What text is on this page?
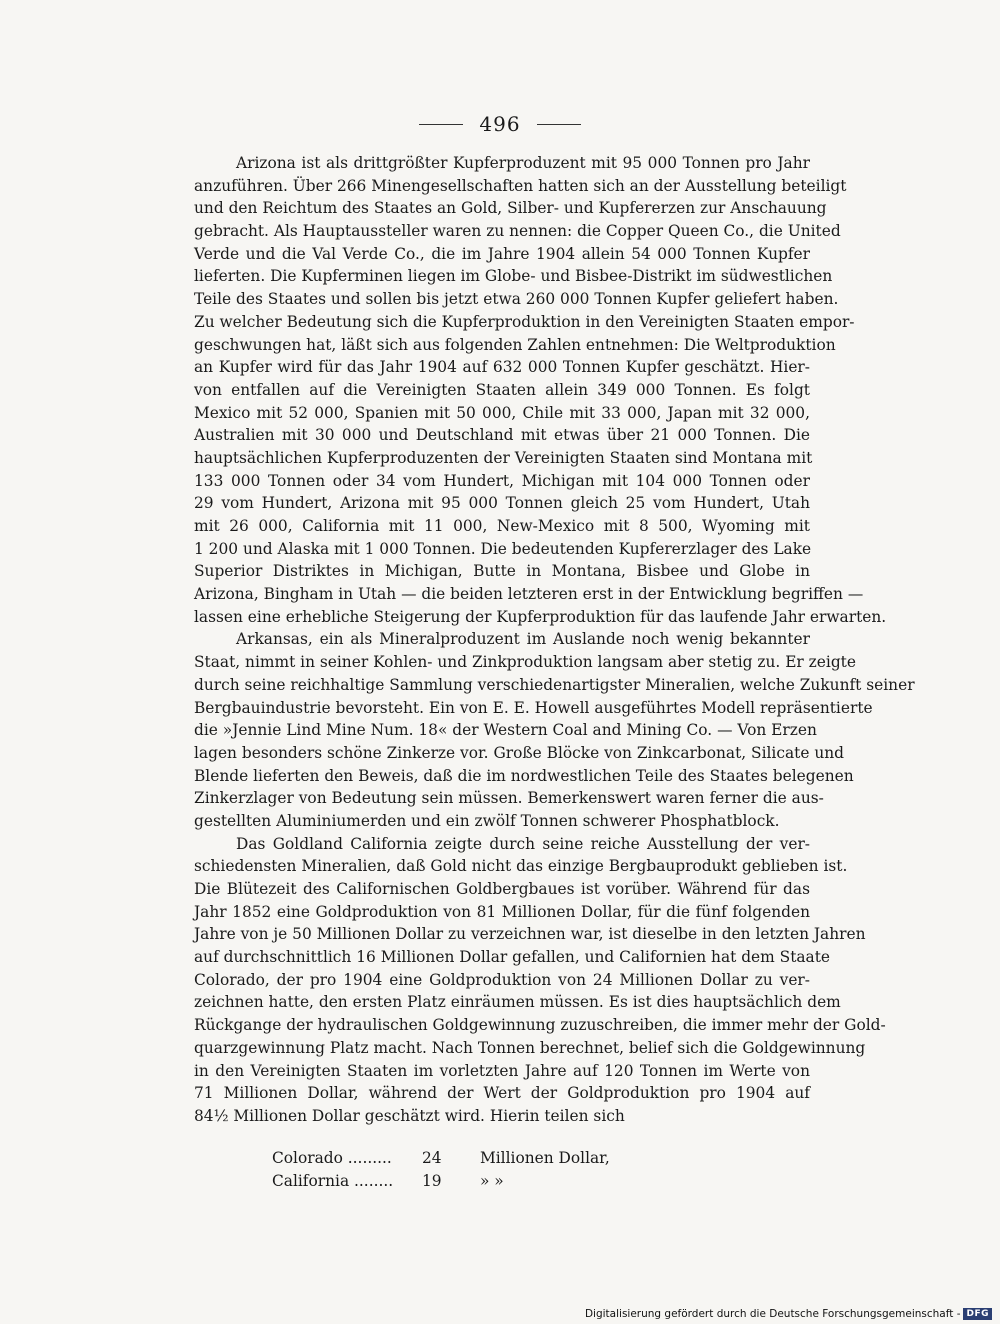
496
Arizona ist als drittgrößter Kupferproduzent mit 95 000 Tonnen pro Jahr
anzuführen. Über 266 Minengesellschaften hatten sich an der Ausstellung beteiligt
und den Reichtum des Staates an Gold, Silber- und Kupfererzen zur Anschauung
gebracht. Als Hauptaussteller waren zu nennen: die Copper Queen Co., die United
Verde und die Val Verde Co., die im Jahre 1904 allein 54 000 Tonnen Kupfer
lieferten. Die Kupferminen liegen im Globe- und Bisbee-Distrikt im südwestlichen
Teile des Staates und sollen bis jetzt etwa 260 000 Tonnen Kupfer geliefert haben.
Zu welcher Bedeutung sich die Kupferproduktion in den Vereinigten Staaten empor-
geschwungen hat, läßt sich aus folgenden Zahlen entnehmen: Die Weltproduktion
an Kupfer wird für das Jahr 1904 auf 632 000 Tonnen Kupfer geschätzt. Hier-
von entfallen auf die Vereinigten Staaten allein 349 000 Tonnen. Es folgt
Mexico mit 52 000, Spanien mit 50 000, Chile mit 33 000, Japan mit 32 000,
Australien mit 30 000 und Deutschland mit etwas über 21 000 Tonnen. Die
hauptsächlichen Kupferproduzenten der Vereinigten Staaten sind Montana mit
133 000 Tonnen oder 34 vom Hundert, Michigan mit 104 000 Tonnen oder
29 vom Hundert, Arizona mit 95 000 Tonnen gleich 25 vom Hundert, Utah
mit 26 000, California mit 11 000, New-Mexico mit 8 500, Wyoming mit
1 200 und Alaska mit 1 000 Tonnen. Die bedeutenden Kupfererzlager des Lake
Superior Distriktes in Michigan, Butte in Montana, Bisbee und Globe in
Arizona, Bingham in Utah — die beiden letzteren erst in der Entwicklung begriffen —
lassen eine erhebliche Steigerung der Kupferproduktion für das laufende Jahr erwarten.
Arkansas, ein als Mineralproduzent im Auslande noch wenig bekannter
Staat, nimmt in seiner Kohlen- und Zinkproduktion langsam aber stetig zu. Er zeigte
durch seine reichhaltige Sammlung verschiedenartigster Mineralien, welche Zukunft seiner
Bergbauindustrie bevorsteht. Ein von E. E. Howell ausgeführtes Modell repräsentierte
die »Jennie Lind Mine Num. 18« der Western Coal and Mining Co. — Von Erzen
lagen besonders schöne Zinkerze vor. Große Blöcke von Zinkcarbonat, Silicate und
Blende lieferten den Beweis, daß die im nordwestlichen Teile des Staates belegenen
Zinkerzlager von Bedeutung sein müssen. Bemerkenswert waren ferner die aus-
gestellten Aluminiumerden und ein zwölf Tonnen schwerer Phosphatblock.
Das Goldland California zeigte durch seine reiche Ausstellung der ver-
schiedensten Mineralien, daß Gold nicht das einzige Bergbauprodukt geblieben ist.
Die Blütezeit des Californischen Goldbergbaues ist vorüber. Während für das
Jahr 1852 eine Goldproduktion von 81 Millionen Dollar, für die fünf folgenden
Jahre von je 50 Millionen Dollar zu verzeichnen war, ist dieselbe in den letzten Jahren
auf durchschnittlich 16 Millionen Dollar gefallen, und Californien hat dem Staate
Colorado, der pro 1904 eine Goldproduktion von 24 Millionen Dollar zu ver-
zeichnen hatte, den ersten Platz einräumen müssen. Es ist dies hauptsächlich dem
Rückgange der hydraulischen Goldgewinnung zuzuschreiben, die immer mehr der Gold-
quarzgewinnung Platz macht. Nach Tonnen berechnet, belief sich die Goldgewinnung
in den Vereinigten Staaten im vorletzten Jahre auf 120 Tonnen im Werte von
71 Millionen Dollar, während der Wert der Goldproduktion pro 1904 auf
84½ Millionen Dollar geschätzt wird. Hierin teilen sich
Colorado ......... 24 Millionen Dollar,
California ........ 19 » »
Digitalisierung gefördert durch die Deutsche Forschungsgemeinschaft - DFG
